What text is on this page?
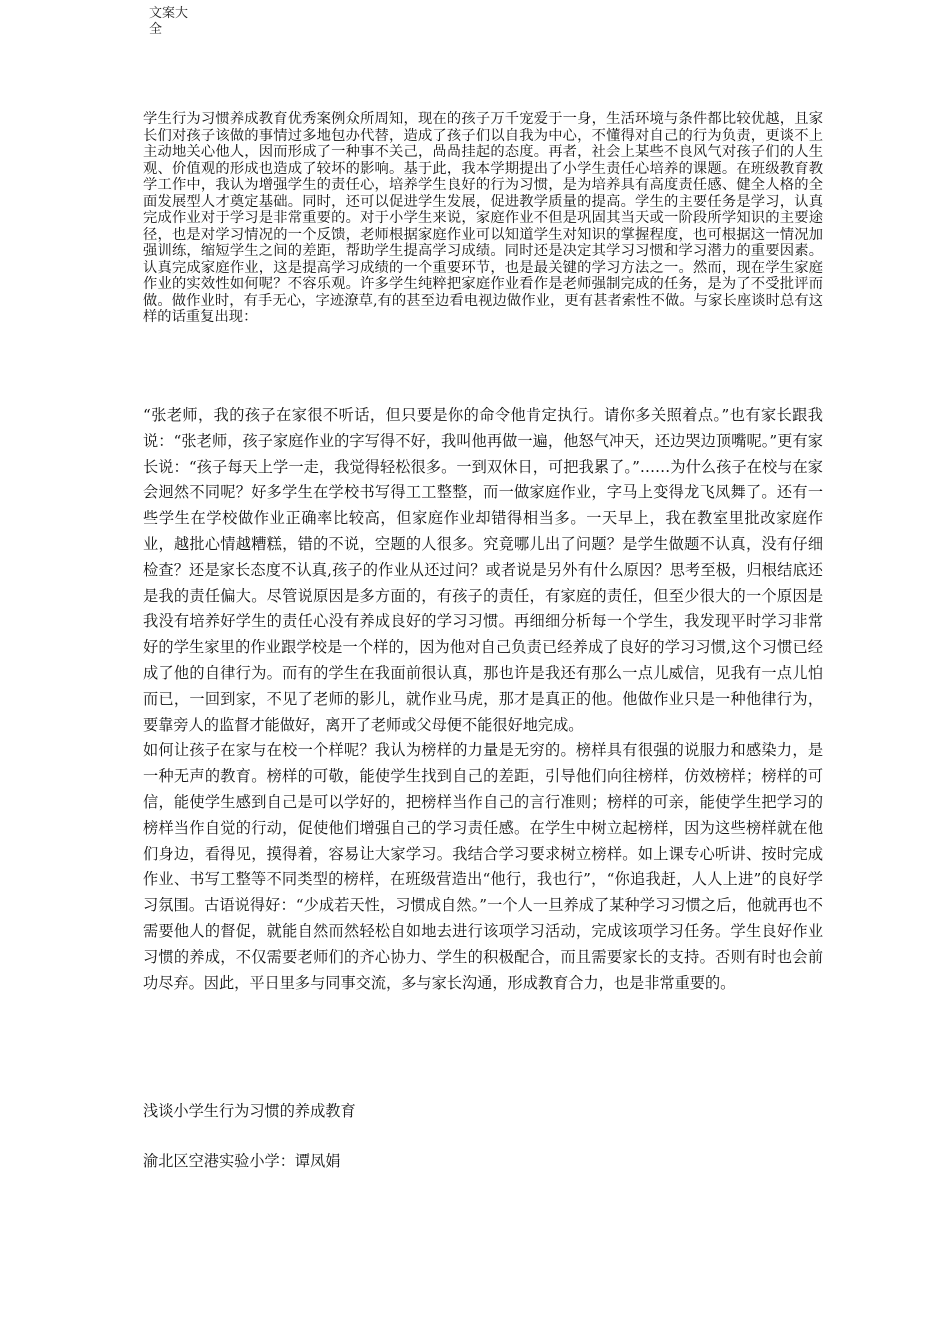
文案大全

学生行为习惯养成教育优秀案例众所周知，现在的孩子万千宠爱于一身，生活环境与条件都比较优越，且家长们对孩子该做的事情过多地包办代替，造成了孩子们以自我为中心，不懂得对自己的行为负责，更谈不上主动地关心他人，因而形成了一种事不关己，咼咼挂起的态度。再者，社会上某些不良风气对孩子们的人生观、价值观的形成也造成了较坏的影响。基于此，我本学期提出了小学生责任心培养的课题。在班级教育教学工作中，我认为增强学生的责任心，培养学生良好的行为习惯，是为培养具有高度责任感、健全人格的全面发展型人才奠定基础。同时，还可以促进学生发展，促进教学质量的提高。学生的主要任务是学习，认真完成作业对于学习是非常重要的。对于小学生来说，家庭作业不但是巩固其当天或一阶段所学知识的主要途径，也是对学习情况的一个反馈，老师根据家庭作业可以知道学生对知识的掌握程度，也可根据这一情况加强训练，缩短学生之间的差距，帮助学生提高学习成绩。同时还是决定其学习习惯和学习潜力的重要因素。认真完成家庭作业，这是提高学习成绩的一个重要环节，也是最关键的学习方法之一。然而，现在学生家庭作业的实效性如何呢？不容乐观。许多学生纯粹把家庭作业看作是老师强制完成的任务，是为了不受批评而做。做作业时，有手无心，字迹潦草,有的甚至边看电视边做作业，更有甚者索性不做。与家长座谈时总有这样的话重复出现：

“张老师，我的孩子在家很不听话，但只要是你的命令他肯定执行。请你多关照着点。”也有家长跟我说：“张老师，孩子家庭作业的字写得不好，我叫他再做一遍，他怒气冲天，还边哭边顶嘴呢。”更有家长说：“孩子每天上学一走，我觉得轻松很多。一到双休日，可把我累了。”……为什么孩子在校与在家会迥然不同呢？好多学生在学校书写得工工整整，而一做家庭作业，字马上变得龙飞凤舞了。还有一些学生在学校做作业正确率比较高，但家庭作业却错得相当多。一天早上，我在教室里批改家庭作业，越批心情越糟糕，错的不说，空题的人很多。究竟哪儿出了问题？是学生做题不认真，没有仔细检查？还是家长态度不认真,孩子的作业从还过问？或者说是另外有什么原因？思考至极，归根结底还是我的责任偏大。尽管说原因是多方面的，有孩子的责任，有家庭的责任，但至少很大的一个原因是我没有培养好学生的责任心没有养成良好的学习习惯。再细细分析每一个学生，我发现平时学习非常好的学生家里的作业跟学校是一个样的，因为他对自己负责已经养成了良好的学习习惯,这个习惯已经成了他的自律行为。而有的学生在我面前很认真，那也许是我还有那么一点儿威信，见我有一点儿怕而已，一回到家，不见了老师的影儿，就作业马虎，那才是真正的他。他做作业只是一种他律行为，要靠旁人的监督才能做好，离开了老师或父母便不能很好地完成。

如何让孩子在家与在校一个样呢？我认为榜样的力量是无穷的。榜样具有很强的说服力和感染力，是一种无声的教育。榜样的可敬，能使学生找到自己的差距，引导他们向往榜样，仿效榜样；榜样的可信，能使学生感到自己是可以学好的，把榜样当作自己的言行准则；榜样的可亲，能使学生把学习的榜样当作自觉的行动，促使他们增强自己的学习责任感。在学生中树立起榜样，因为这些榜样就在他们身边，看得见，摸得着，容易让大家学习。我结合学习要求树立榜样。如上课专心听讲、按时完成作业、书写工整等不同类型的榜样，在班级营造出“他行，我也行”，“你追我赶，人人上进”的良好学习氛围。古语说得好：“少成若天性，习惯成自然。”一个人一旦养成了某种学习习惯之后，他就再也不需要他人的督促，就能自然而然轻松自如地去进行该项学习活动，完成该项学习任务。学生良好作业习惯的养成，不仅需要老师们的齐心协力、学生的积极配合，而且需要家长的支持。否则有时也会前功尽弃。因此，平日里多与同事交流，多与家长沟通，形成教育合力，也是非常重要的。

浅谈小学生行为习惯的养成教育
渝北区空港实验小学：谭凤娟
